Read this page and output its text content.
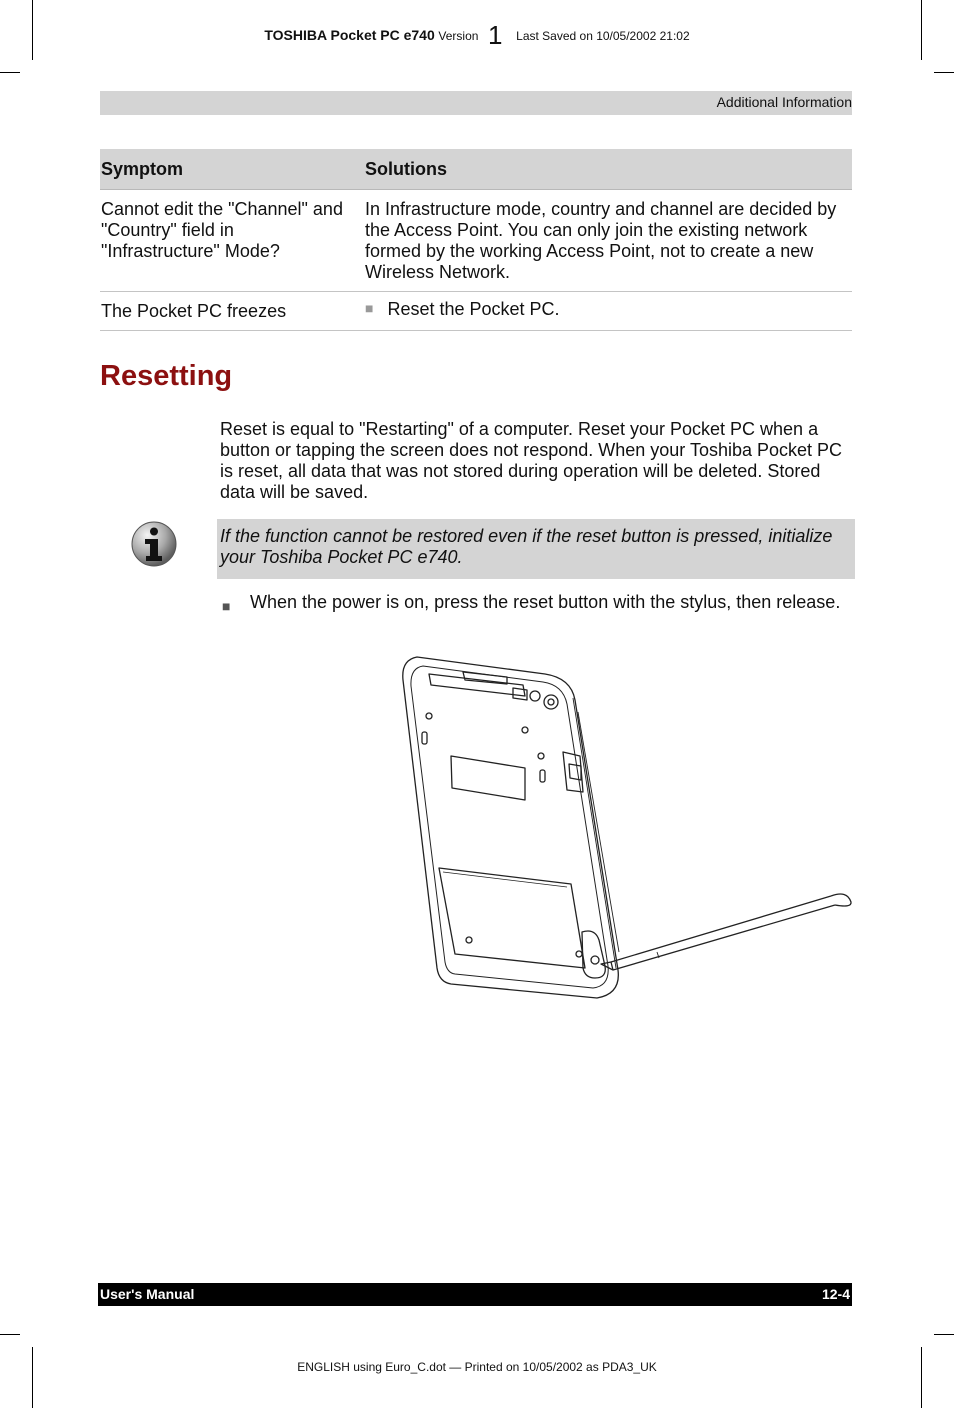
TOSHIBA Pocket PC e740 Version 1 Last Saved on 10/05/2002 21:02
Additional Information
Symptom	Solutions
Cannot edit the "Channel" and "Country" field in "Infrastructure" Mode?	In Infrastructure mode, country and channel are decided by the Access Point. You can only join the existing network formed by the working Access Point, not to create a new Wireless Network.
The Pocket PC freezes	■ Reset the Pocket PC.
Resetting
Reset is equal to "Restarting" of a computer. Reset your Pocket PC when a button or tapping the screen does not respond. When your Toshiba Pocket PC is reset, all data that was not stored during operation will be deleted. Stored data will be saved.
If the function cannot be restored even if the reset button is pressed, initialize your Toshiba Pocket PC e740.
■	When the power is on, press the reset button with the stylus, then release.
User's Manual	12-4
ENGLISH using Euro_C.dot — Printed on 10/05/2002 as PDA3_UK
